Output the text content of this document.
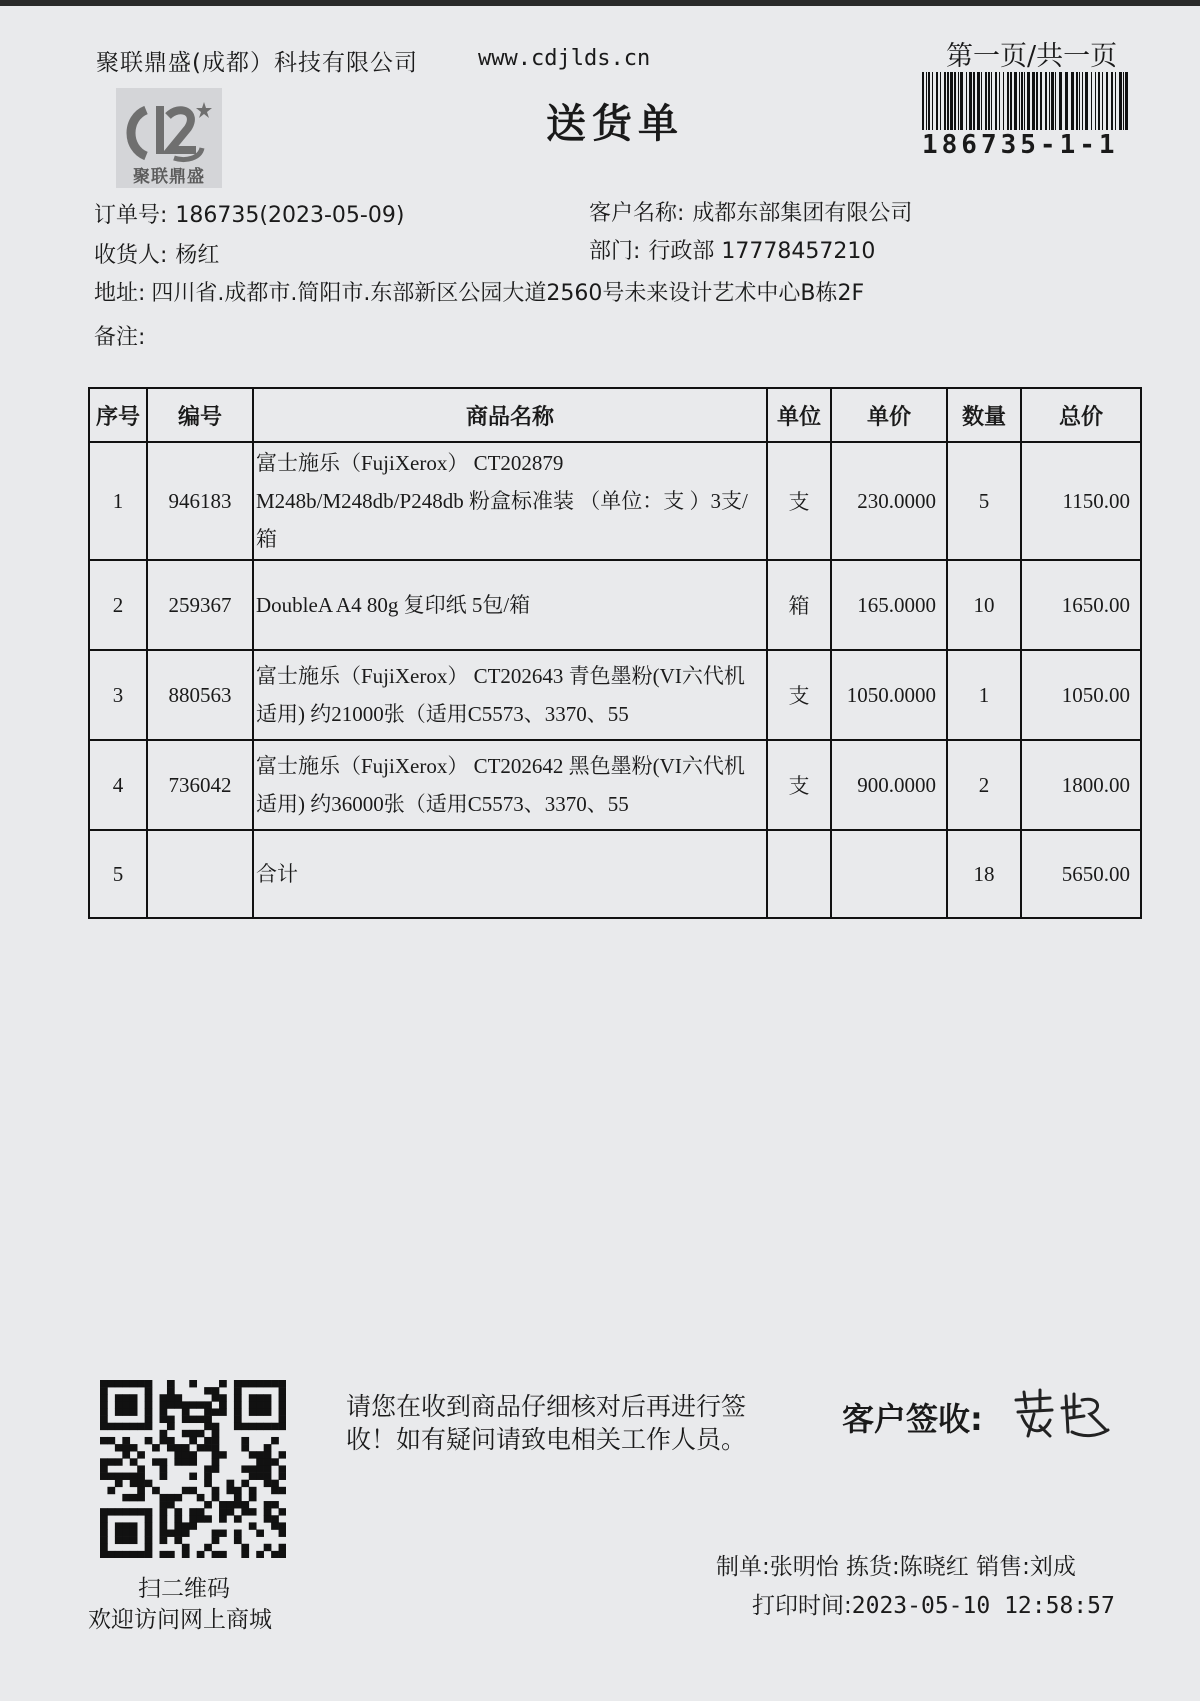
聚联鼎盛(成都）科技有限公司	www.cdjlds.cn	第一页/共一页
186735-1-1
聚联鼎盛
送货单
订单号: 186735(2023-05-09)	客户名称: 成都东部集团有限公司
收货人: 杨红	部门: 行政部 17778457210
地址: 四川省.成都市.简阳市.东部新区公园大道2560号未来设计艺术中心B栋2F
备注:
序号	编号	商品名称	单位	单价	数量	总价
1	946183	富士施乐（FujiXerox） CT202879 M248b/M248db/P248db 粉盒标准装 （单位：支 ）3支/箱	支	230.0000	5	1150.00
2	259367	DoubleA A4 80g 复印纸 5包/箱	箱	165.0000	10	1650.00
3	880563	富士施乐（FujiXerox） CT202643 青色墨粉(VI六代机适用) 约21000张（适用C5573、3370、55	支	1050.0000	1	1050.00
4	736042	富士施乐（FujiXerox） CT202642 黑色墨粉(VI六代机适用) 约36000张（适用C5573、3370、55	支	900.0000	2	1800.00
5		合计			18	5650.00
扫二维码
欢迎访问网上商城
请您在收到商品仔细核对后再进行签收！如有疑问请致电相关工作人员。
客户签收:
制单:张明怡 拣货:陈晓红 销售:刘成
打印时间:2023-05-10 12:58:57
